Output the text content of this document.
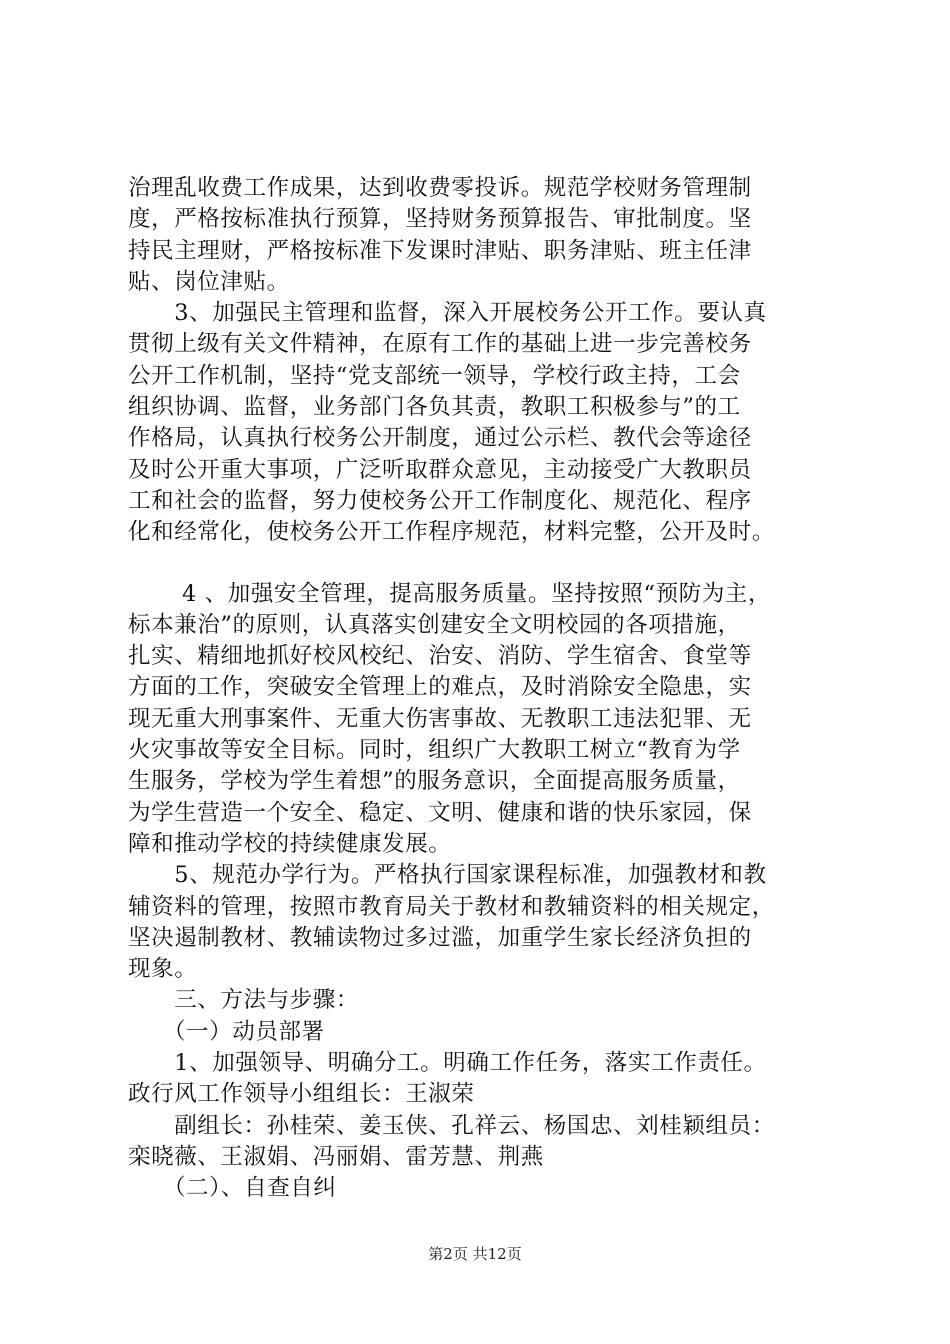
治理乱收费工作成果，达到收费零投诉。规范学校财务管理制
度，严格按标准执行预算，坚持财务预算报告、审批制度。坚
持民主理财，严格按标准下发课时津贴、职务津贴、班主任津
贴、岗位津贴。
　　3、加强民主管理和监督，深入开展校务公开工作。要认真
贯彻上级有关文件精神，在原有工作的基础上进一步完善校务
公开工作机制，坚持“党支部统一领导，学校行政主持，工会
组织协调、监督，业务部门各负其责，教职工积极参与”的工
作格局，认真执行校务公开制度，通过公示栏、教代会等途径
及时公开重大事项，广泛听取群众意见，主动接受广大教职员
工和社会的监督，努力使校务公开工作制度化、规范化、程序
化和经常化，使校务公开工作程序规范，材料完整，公开及时。
　　 4 、加强安全管理，提高服务质量。坚持按照“预防为主，
标本兼治”的原则，认真落实创建安全文明校园的各项措施，
扎实、精细地抓好校风校纪、治安、消防、学生宿舍、食堂等
方面的工作，突破安全管理上的难点，及时消除安全隐患，实
现无重大刑事案件、无重大伤害事故、无教职工违法犯罪、无
火灾事故等安全目标。同时，组织广大教职工树立“教育为学
生服务，学校为学生着想”的服务意识，全面提高服务质量，
为学生营造一个安全、稳定、文明、健康和谐的快乐家园，保
障和推动学校的持续健康发展。
　　5、规范办学行为。严格执行国家课程标准，加强教材和教
辅资料的管理，按照市教育局关于教材和教辅资料的相关规定，
坚决遏制教材、教辅读物过多过滥，加重学生家长经济负担的
现象。
　　三、方法与步骤：
　　（一）动员部署
　　1、加强领导、明确分工。明确工作任务，落实工作责任。
政行风工作领导小组组长：王淑荣
　　副组长：孙桂荣、姜玉侠、孔祥云、杨国忠、刘桂颖组员：
栾晓薇、王淑娟、冯丽娟、雷芳慧、荆燕
　　（二）、自查自纠
第2页 共12页
